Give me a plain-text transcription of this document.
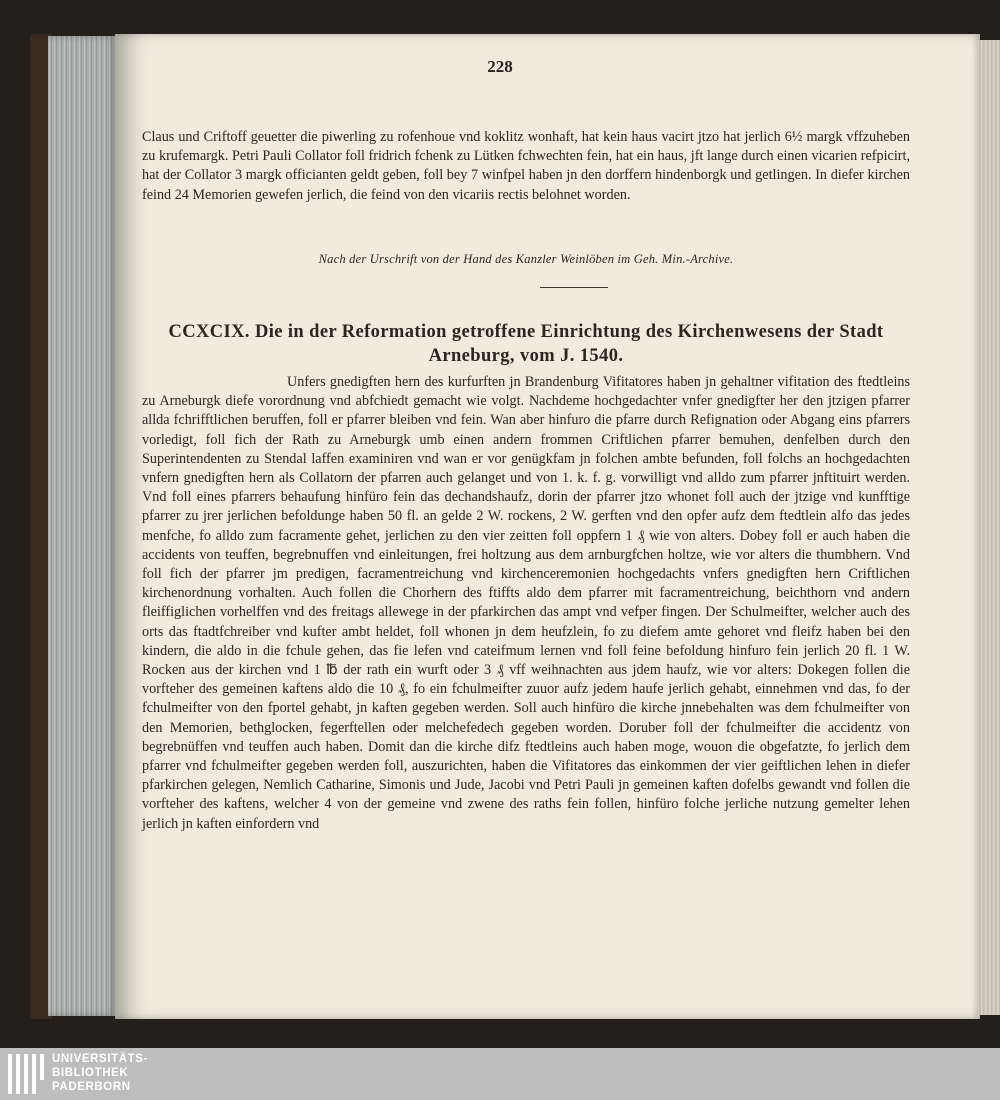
228
Claus und Criftoff geuetter die piwerling zu rofenhoue vnd koklitz wonhaft, hat kein haus vacirt jtzo hat jerlich 6½ margk vffzuheben zu krufemargk. Petri Pauli Collator foll fridrich fchenk zu Lütken fchwechten fein, hat ein haus, jft lange durch einen vicarien refpicirt, hat der Collator 3 margk officianten geldt geben, foll bey 7 winfpel haben jn den dorffern hindenborgk und getlingen. In diefer kirchen feind 24 Memorien gewefen jerlich, die feind von den vicariis rectis belohnet worden.
Nach der Urschrift von der Hand des Kanzler Weinlöben im Geh. Min.-Archive.
CCXCIX. Die in der Reformation getroffene Einrichtung des Kirchenwesens der Stadt Arneburg, vom J. 1540.
Unfers gnedigften hern des kurfurften jn Brandenburg Vifitatores haben jn gehaltner vifitation des ftedtleins zu Arneburgk diefe vorordnung vnd abfchiedt gemacht wie volgt. Nachdeme hochgedachter vnfer gnedigfter her den jtzigen pfarrer allda fchrifftlichen beruffen, foll er pfarrer bleiben vnd fein. Wan aber hinfuro die pfarre durch Refignation oder Abgang eins pfarrers vorledigt, foll fich der Rath zu Arneburgk umb einen andern frommen Criftlichen pfarrer bemuhen, denfelben durch den Superintendenten zu Stendal laffen examiniren vnd wan er vor genügkfam jn folchen ambte befunden, foll folchs an hochgedachten vnfern gnedigften hern als Collatorn der pfarren auch gelanget und von 1. k. f. g. vorwilligt vnd alldo zum pfarrer jnftituirt werden. Vnd foll eines pfarrers behaufung hinfüro fein das dechandshaufz, dorin der pfarrer jtzo whonet foll auch der jtzige vnd kunfftige pfarrer zu jrer jerlichen befoldunge haben 50 fl. an gelde 2 W. rockens, 2 W. gerften vnd den opfer aufz dem ftedtlein alfo das jedes menfche, fo alldo zum facramente gehet, jerlichen zu den vier zeitten foll oppfern 1 ₰ wie von alters. Dobey foll er auch haben die accidents von teuffen, begrebnuffen vnd einleitungen, frei holtzung aus dem arnburgfchen holtze, wie vor alters die thumbhern. Vnd foll fich der pfarrer jm predigen, facramentreichung vnd kirchenceremonien hochgedachts vnfers gnedigften hern Criftlichen kirchenordnung vorhalten. Auch follen die Chorhern des ftiffts aldo dem pfarrer mit facramentreichung, beichthorn vnd andern fleiffiglichen vorhelffen vnd des freitags allewege in der pfarkirchen das ampt vnd vefper fingen. Der Schulmeifter, welcher auch des orts das ftadtfchreiber vnd kufter ambt heldet, foll whonen jn dem heufzlein, fo zu diefem amte gehoret vnd fleifz haben bei den kindern, die aldo in die fchule gehen, das fie lefen vnd cateifmum lernen vnd foll feine befoldung hinfuro fein jerlich 20 fl. 1 W. Rocken aus der kirchen vnd 1 ℔ der rath ein wurft oder 3 ₰ vff weihnachten aus jdem haufz, wie vor alters: Dokegen follen die vorfteher des gemeinen kaftens aldo die 10 ₰, fo ein fchulmeifter zuuor aufz jedem haufe jerlich gehabt, einnehmen vnd das, fo der fchulmeifter von den fportel gehabt, jn kaften gegeben werden. Soll auch hinfüro die kirche jnnebehalten was dem fchulmeifter von den Memorien, bethglocken, fegerftellen oder melchefedech gegeben worden. Doruber foll der fchulmeifter die accidentz von begrebnüffen vnd teuffen auch haben. Domit dan die kirche difz ftedtleins auch haben moge, wouon die obgefatzte, fo jerlich dem pfarrer vnd fchulmeifter gegeben werden foll, auszurichten, haben die Vifitatores das einkommen der vier geiftlichen lehen in diefer pfarkirchen gelegen, Nemlich Catharine, Simonis und Jude, Jacobi vnd Petri Pauli jn gemeinen kaften dofelbs gewandt vnd follen die vorfteher des kaftens, welcher 4 von der gemeine vnd zwene des raths fein follen, hinfüro folche jerliche nutzung gemelter lehen jerlich jn kaften einfordern vnd
UNIVERSITÄTS-
BIBLIOTHEK
PADERBORN
